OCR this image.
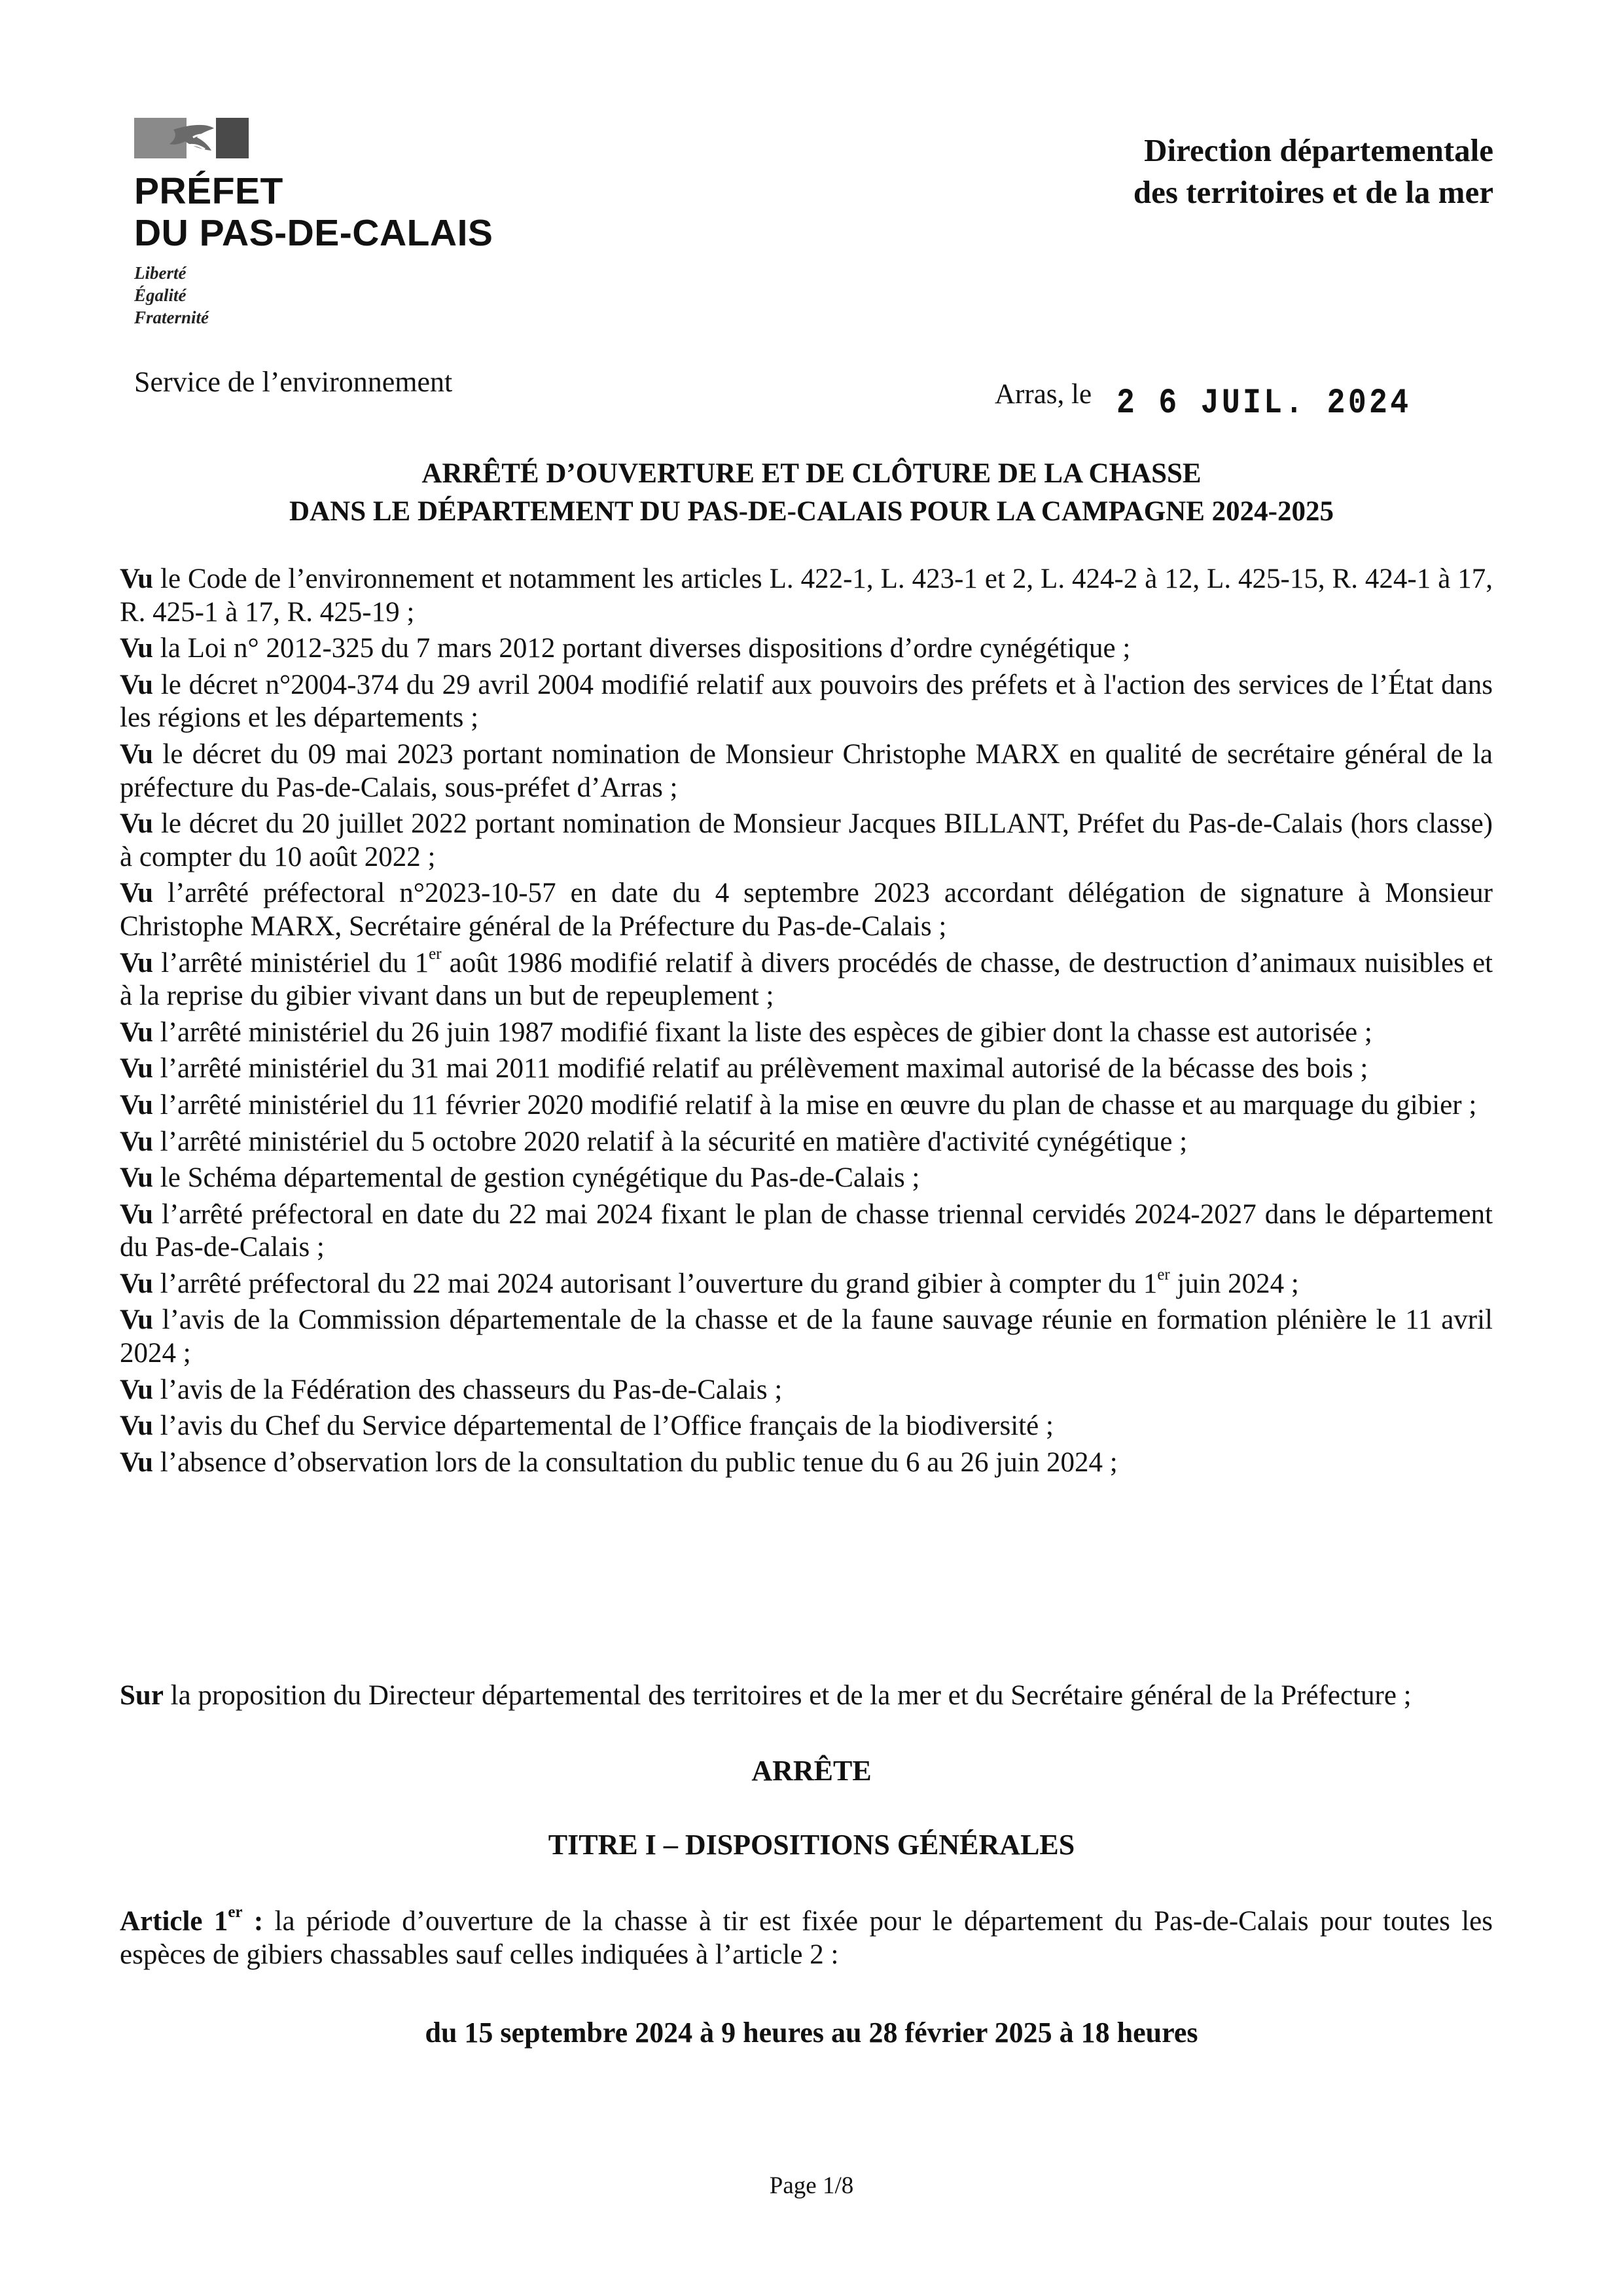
PRÉFET
DU PAS-DE-CALAIS
Liberté
Égalité
Fraternité
Direction départementale
des territoires et de la mer
Service de l’environnement	Arras, le 2 6 JUIL. 2024
ARRÊTÉ D’OUVERTURE ET DE CLÔTURE DE LA CHASSE
DANS LE DÉPARTEMENT DU PAS-DE-CALAIS POUR LA CAMPAGNE 2024-2025
Vu le Code de l’environnement et notamment les articles L. 422-1, L. 423-1 et 2, L. 424-2 à 12, L. 425-15, R. 424-1 à 17, R. 425-1 à 17, R. 425-19 ;
Vu la Loi n° 2012-325 du 7 mars 2012 portant diverses dispositions d’ordre cynégétique ;
Vu le décret n°2004-374 du 29 avril 2004 modifié relatif aux pouvoirs des préfets et à l'action des services de l’État dans les régions et les départements ;
Vu le décret du 09 mai 2023 portant nomination de Monsieur Christophe MARX en qualité de secrétaire général de la préfecture du Pas-de-Calais, sous-préfet d’Arras ;
Vu le décret du 20 juillet 2022 portant nomination de Monsieur Jacques BILLANT, Préfet du Pas-de-Calais (hors classe) à compter du 10 août 2022 ;
Vu l’arrêté préfectoral n°2023-10-57 en date du 4 septembre 2023 accordant délégation de signature à Monsieur Christophe MARX, Secrétaire général de la Préfecture du Pas-de-Calais ;
Vu l’arrêté ministériel du 1er août 1986 modifié relatif à divers procédés de chasse, de destruction d’animaux nuisibles et à la reprise du gibier vivant dans un but de repeuplement ;
Vu l’arrêté ministériel du 26 juin 1987 modifié fixant la liste des espèces de gibier dont la chasse est autorisée ;
Vu l’arrêté ministériel du 31 mai 2011 modifié relatif au prélèvement maximal autorisé de la bécasse des bois ;
Vu l’arrêté ministériel du 11 février 2020 modifié relatif à la mise en œuvre du plan de chasse et au marquage du gibier ;
Vu l’arrêté ministériel du 5 octobre 2020 relatif à la sécurité en matière d'activité cynégétique ;
Vu le Schéma départemental de gestion cynégétique du Pas-de-Calais ;
Vu l’arrêté préfectoral en date du 22 mai 2024 fixant le plan de chasse triennal cervidés 2024-2027 dans le département du Pas-de-Calais ;
Vu l’arrêté préfectoral du 22 mai 2024 autorisant l’ouverture du grand gibier à compter du 1er juin 2024 ;
Vu l’avis de la Commission départementale de la chasse et de la faune sauvage réunie en formation plénière le 11 avril 2024 ;
Vu l’avis de la Fédération des chasseurs du Pas-de-Calais ;
Vu l’avis du Chef du Service départemental de l’Office français de la biodiversité ;
Vu l’absence d’observation lors de la consultation du public tenue du 6 au 26 juin 2024 ;

Sur la proposition du Directeur départemental des territoires et de la mer et du Secrétaire général de la Préfecture ;

ARRÊTE
TITRE I – DISPOSITIONS GÉNÉRALES

Article 1er : la période d’ouverture de la chasse à tir est fixée pour le département du Pas-de-Calais pour toutes les espèces de gibiers chassables sauf celles indiquées à l’article 2 :

du 15 septembre 2024 à 9 heures au 28 février 2025 à 18 heures
Page 1/8
